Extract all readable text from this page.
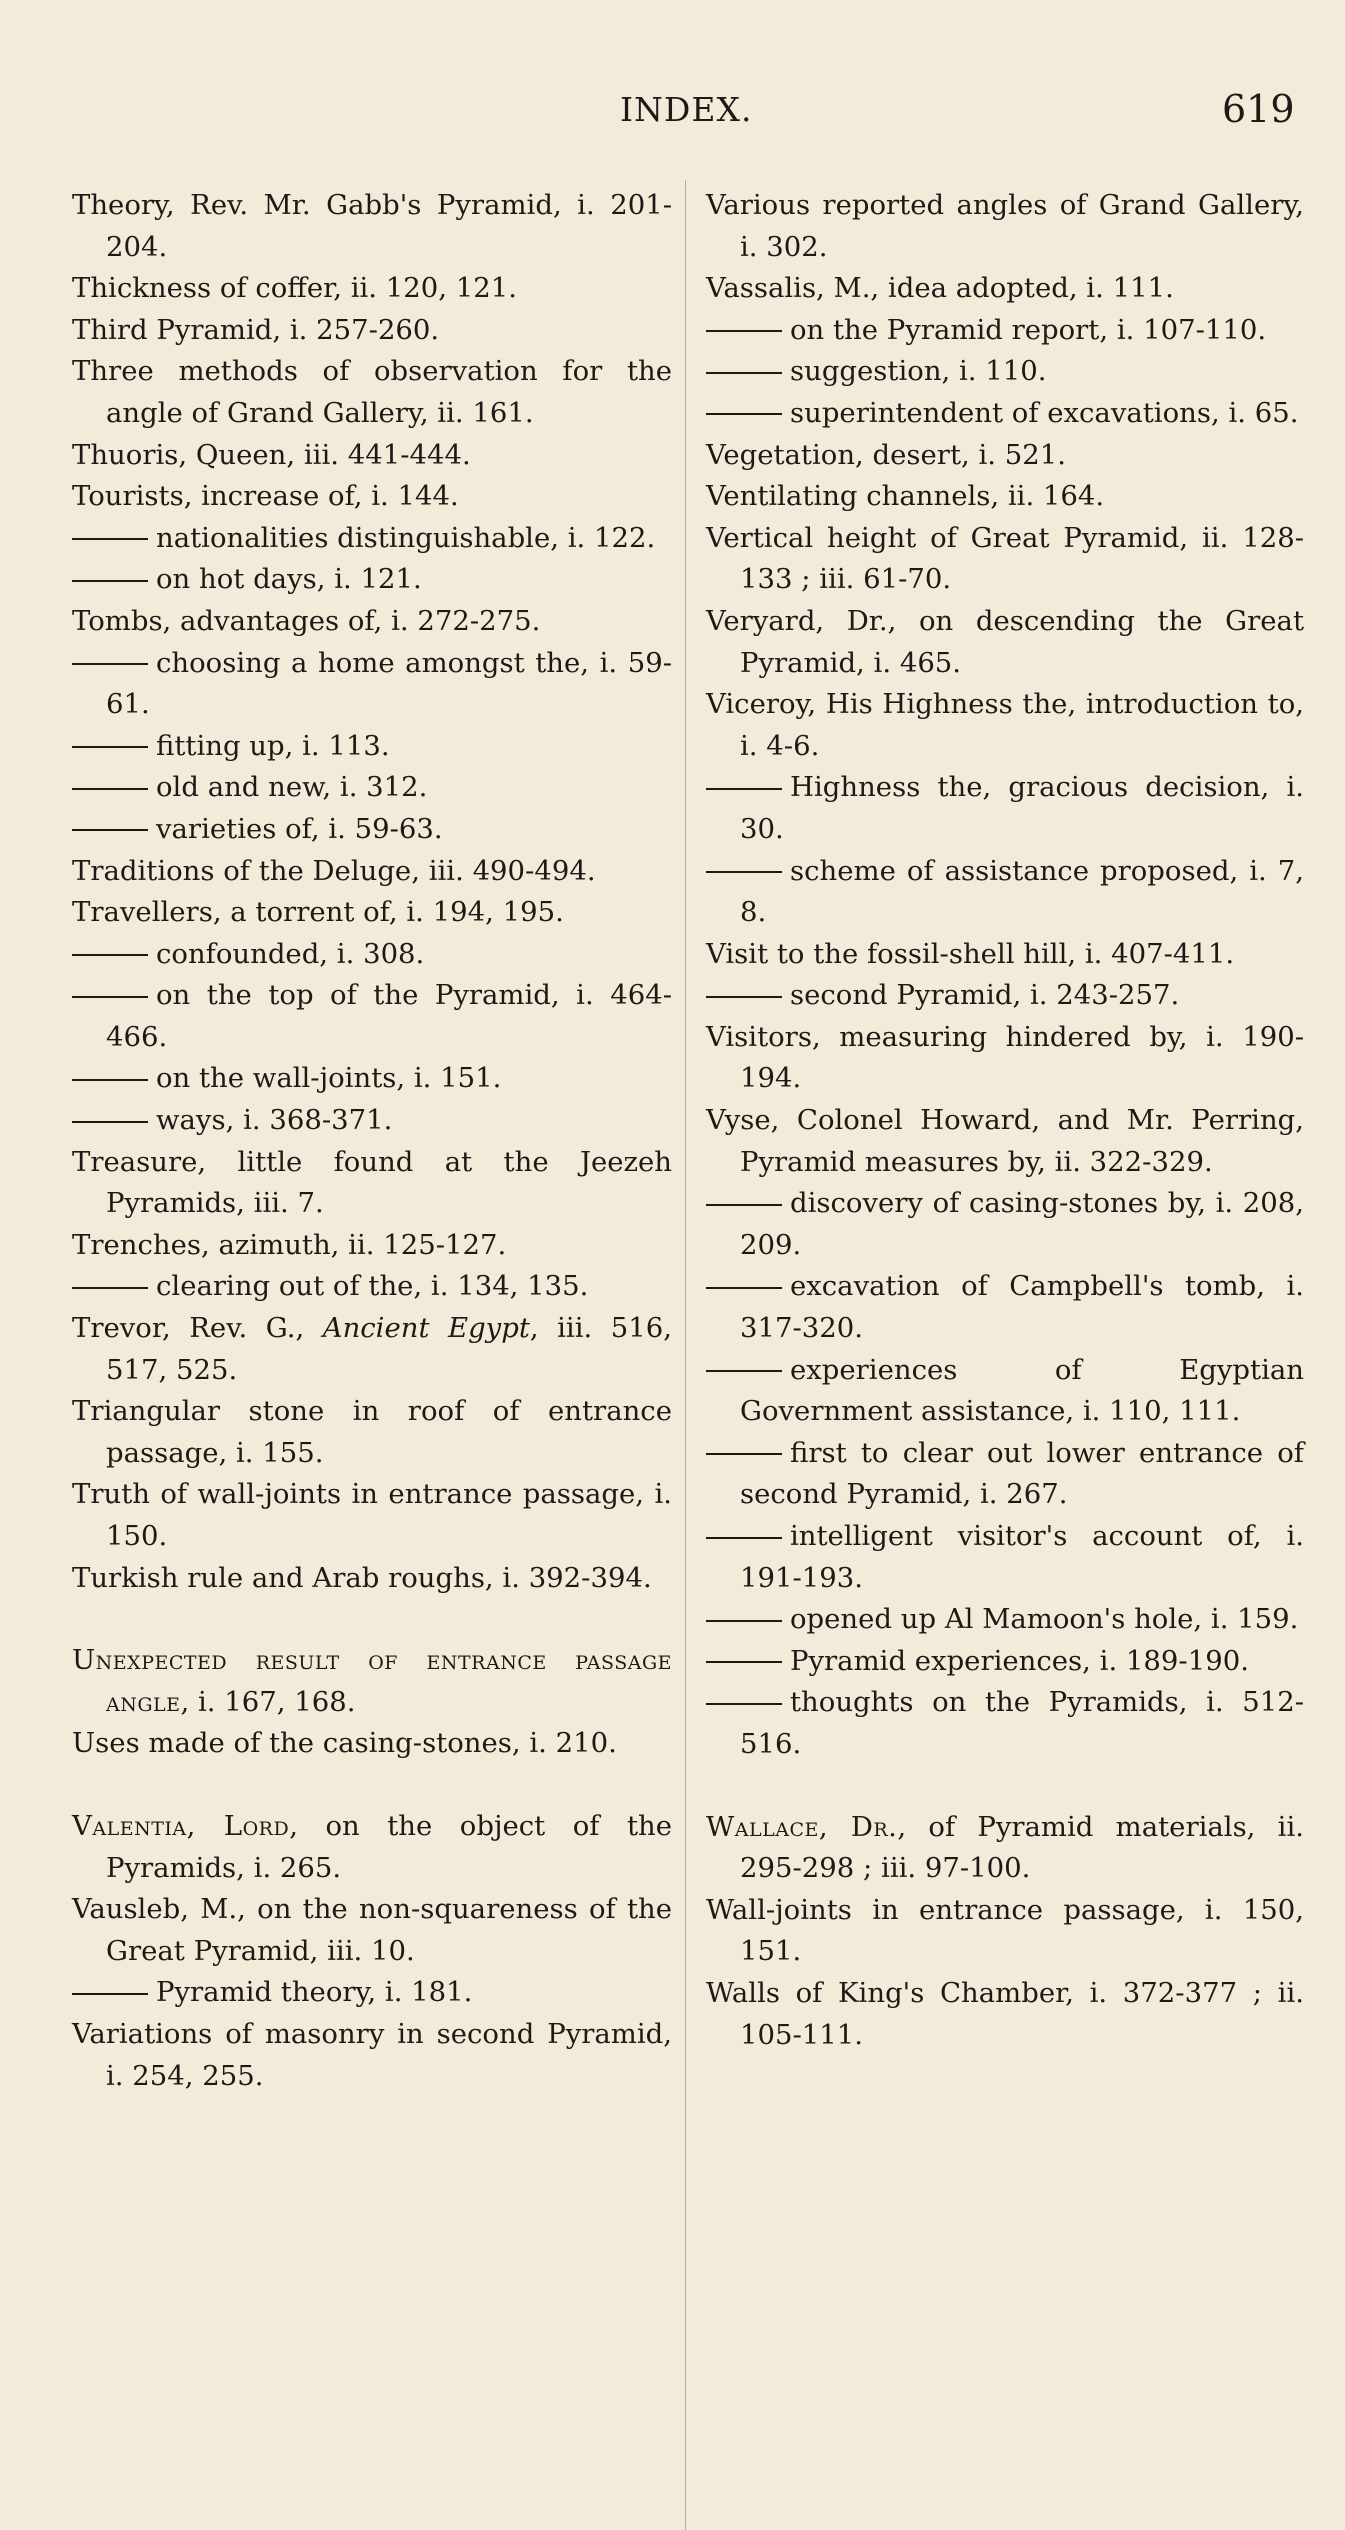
INDEX.	619
Theory, Rev. Mr. Gabb's Pyramid, i. 201-204.
Thickness of coffer, ii. 120, 121.
Third Pyramid, i. 257-260.
Three methods of observation for the angle of Grand Gallery, ii. 161.
Thuoris, Queen, iii. 441-444.
Tourists, increase of, i. 144.
nationalities distinguishable, i. 122.
on hot days, i. 121.
Tombs, advantages of, i. 272-275.
choosing a home amongst the, i. 59-61.
fitting up, i. 113.
old and new, i. 312.
varieties of, i. 59-63.
Traditions of the Deluge, iii. 490-494.
Travellers, a torrent of, i. 194, 195.
confounded, i. 308.
on the top of the Pyramid, i. 464-466.
on the wall-joints, i. 151.
ways, i. 368-371.
Treasure, little found at the Jeezeh Pyramids, iii. 7.
Trenches, azimuth, ii. 125-127.
clearing out of the, i. 134, 135.
Trevor, Rev. G., Ancient Egypt, iii. 516, 517, 525.
Triangular stone in roof of entrance passage, i. 155.
Truth of wall-joints in entrance passage, i. 150.
Turkish rule and Arab roughs, i. 392-394.
Unexpected result of entrance passage angle, i. 167, 168.
Uses made of the casing-stones, i. 210.
Valentia, Lord, on the object of the Pyramids, i. 265.
Vausleb, M., on the non-squareness of the Great Pyramid, iii. 10.
Pyramid theory, i. 181.
Variations of masonry in second Pyramid, i. 254, 255.
Various reported angles of Grand Gallery, i. 302.
Vassalis, M., idea adopted, i. 111.
on the Pyramid report, i. 107-110.
suggestion, i. 110.
superintendent of excavations, i. 65.
Vegetation, desert, i. 521.
Ventilating channels, ii. 164.
Vertical height of Great Pyramid, ii. 128-133 ; iii. 61-70.
Veryard, Dr., on descending the Great Pyramid, i. 465.
Viceroy, His Highness the, introduction to, i. 4-6.
Highness the, gracious decision, i. 30.
scheme of assistance proposed, i. 7, 8.
Visit to the fossil-shell hill, i. 407-411.
second Pyramid, i. 243-257.
Visitors, measuring hindered by, i. 190-194.
Vyse, Colonel Howard, and Mr. Perring, Pyramid measures by, ii. 322-329.
discovery of casing-stones by, i. 208, 209.
excavation of Campbell's tomb, i. 317-320.
experiences of Egyptian Government assistance, i. 110, 111.
first to clear out lower entrance of second Pyramid, i. 267.
intelligent visitor's account of, i. 191-193.
opened up Al Mamoon's hole, i. 159.
Pyramid experiences, i. 189-190.
thoughts on the Pyramids, i. 512-516.
Wallace, Dr., of Pyramid materials, ii. 295-298 ; iii. 97-100.
Wall-joints in entrance passage, i. 150, 151.
Walls of King's Chamber, i. 372-377 ; ii. 105-111.
